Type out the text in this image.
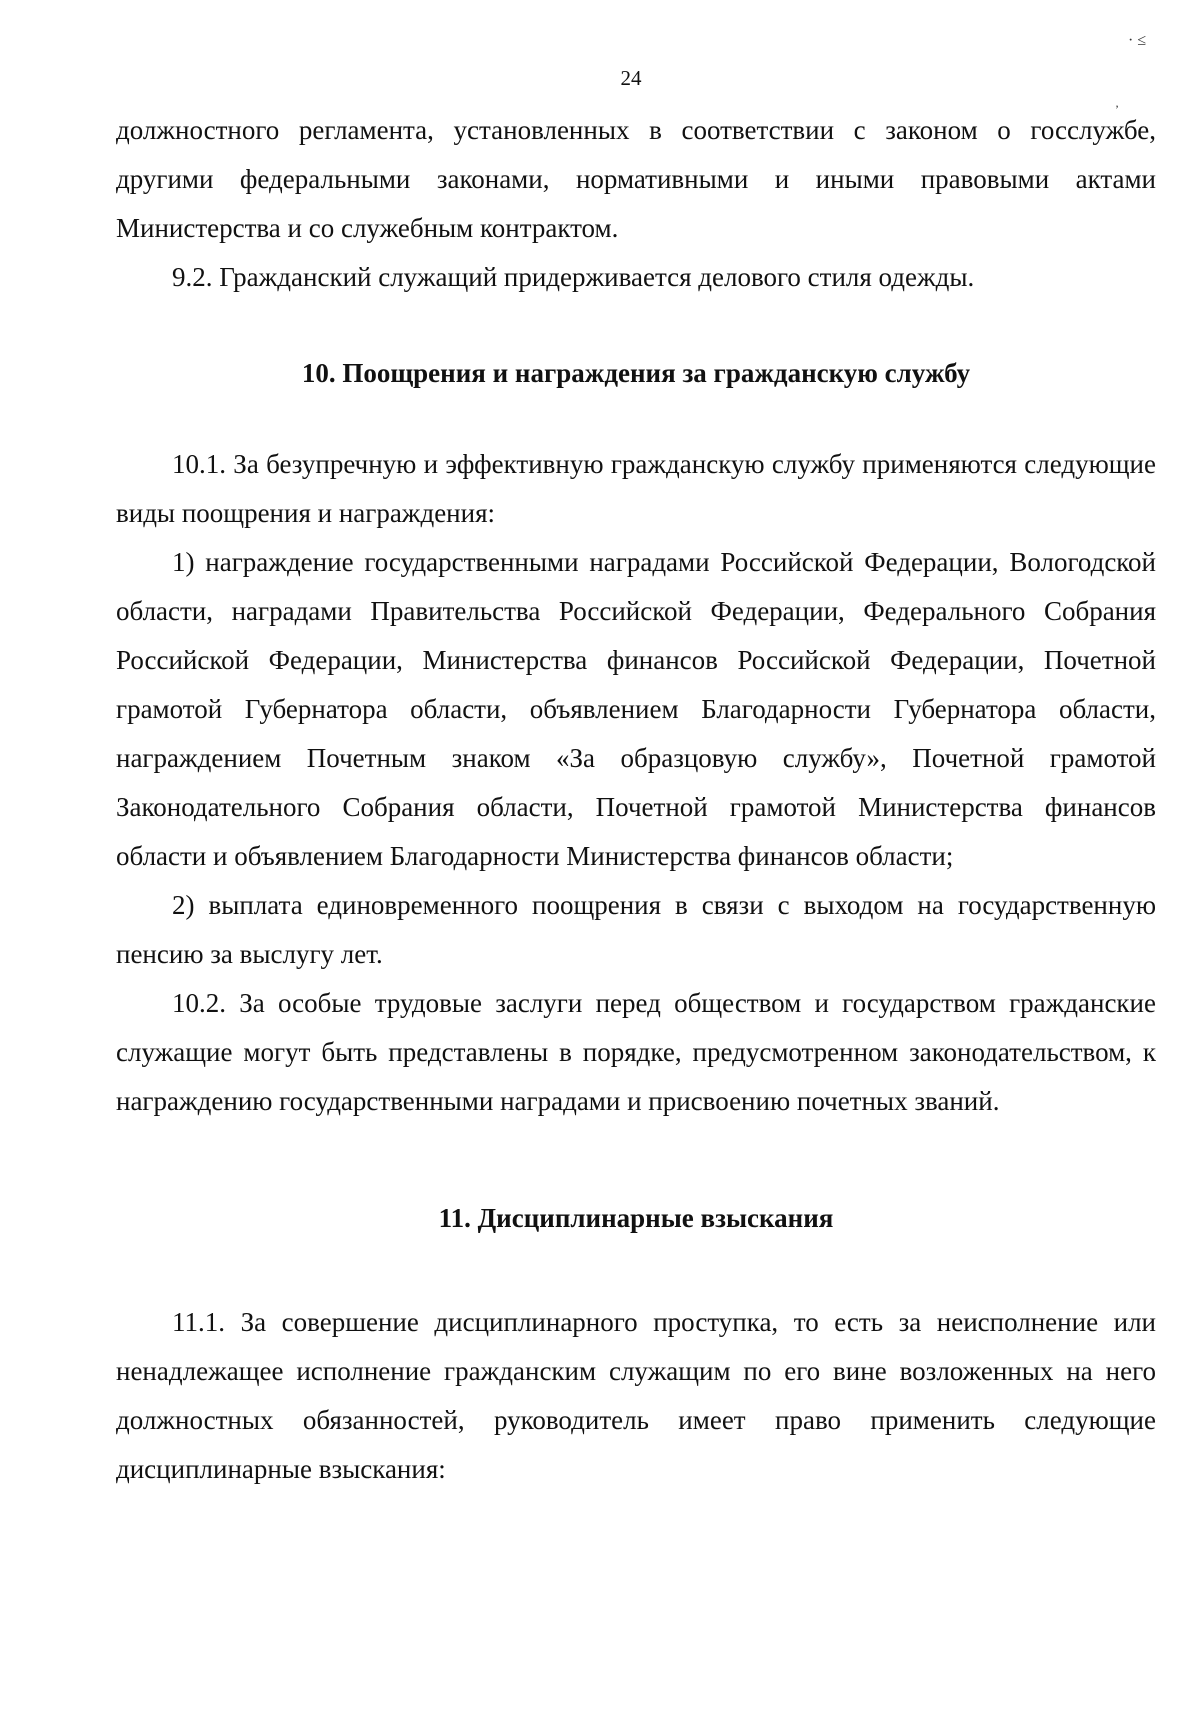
· ≤
’
24

должностного регламента, установленных в соответствии с законом о госслужбе, другими федеральными законами, нормативными и иными правовыми актами Министерства и со служебным контрактом.

9.2. Гражданский служащий придерживается делового стиля одежды.

10. Поощрения и награждения за гражданскую службу

10.1. За безупречную и эффективную гражданскую службу применяются следующие виды поощрения и награждения:

1) награждение государственными наградами Российской Федерации, Вологодской области, наградами Правительства Российской Федерации, Федерального Собрания Российской Федерации, Министерства финансов Российской Федерации, Почетной грамотой Губернатора области, объявлением Благодарности Губернатора области, награждением Почетным знаком «За образцовую службу», Почетной грамотой Законодательного Собрания области, Почетной грамотой Министерства финансов области и объявлением Благодарности Министерства финансов области;

2) выплата единовременного поощрения в связи с выходом на государственную пенсию за выслугу лет.

10.2. За особые трудовые заслуги перед обществом и государством гражданские служащие могут быть представлены в порядке, предусмотренном законодательством, к награждению государственными наградами и присвоению почетных званий.

11. Дисциплинарные взыскания

11.1. За совершение дисциплинарного проступка, то есть за неисполнение или ненадлежащее исполнение гражданским служащим по его вине возложенных на него должностных обязанностей, руководитель имеет право применить следующие дисциплинарные взыскания:
